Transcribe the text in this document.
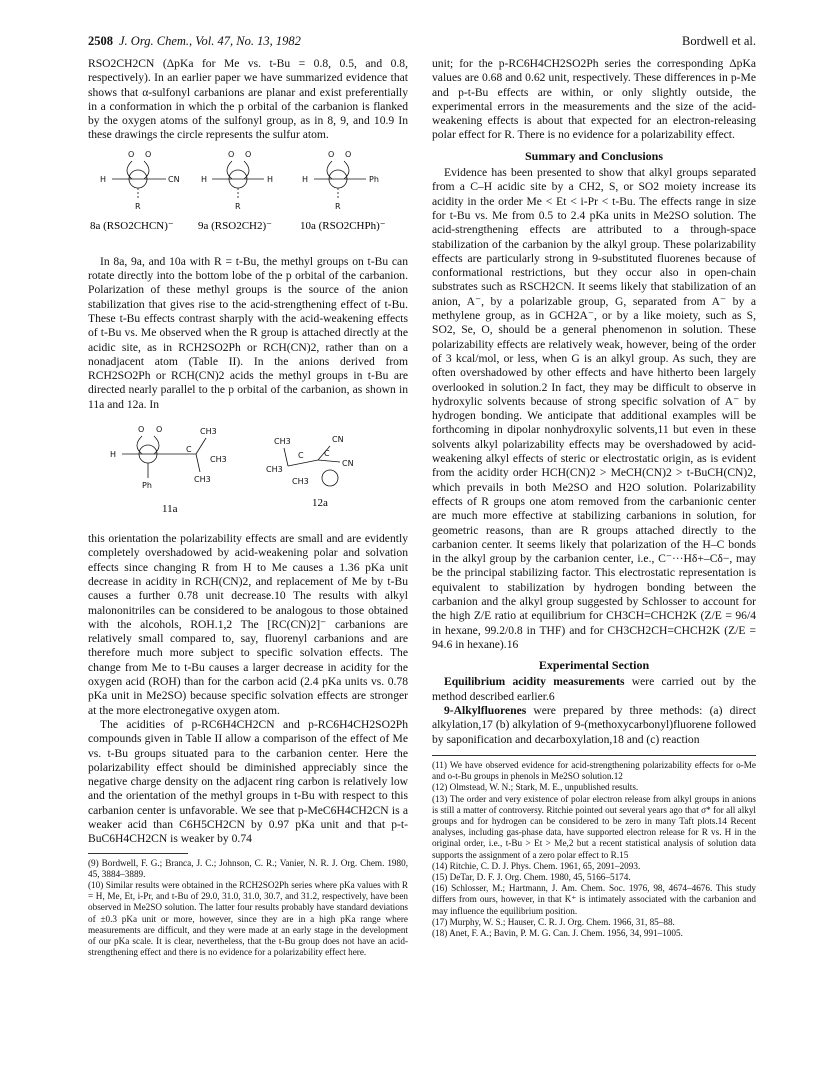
2508 J. Org. Chem., Vol. 47, No. 13, 1982	Bordwell et al.

RSO2CH2CN (ΔpKa for Me vs. t-Bu = 0.8, 0.5, and 0.8, respectively). In an earlier paper we have summarized evidence that shows that α-sulfonyl carbanions are planar and exist preferentially in a conformation in which the p orbital of the carbanion is flanked by the oxygen atoms of the sulfonyl group, as in 8, 9, and 10.9 In these drawings the circle represents the sulfur atom.

O O
H	CN
R
O O
H	H
R
O O
H	Ph
R
8a (RSO2CHCN)⁻ 9a (RSO2CH2)⁻	10a (RSO2CHPh)⁻

In 8a, 9a, and 10a with R = t-Bu, the methyl groups on t-Bu can rotate directly into the bottom lobe of the p orbital of the carbanion. Polarization of these methyl groups is the source of the anion stabilization that gives rise to the acid-strengthening effect of t-Bu. These t-Bu effects contrast sharply with the acid-weakening effects of t-Bu vs. Me observed when the R group is attached directly at the acidic site, as in RCH2SO2Ph or RCH(CN)2, rather than on a nonadjacent atom (Table II). In the anions derived from RCH2SO2Ph or RCH(CN)2 acids the methyl groups in t-Bu are directed nearly parallel to the p orbital of the carbanion, as shown in 11a and 12a. In

O O
H
Ph
C
CH3
CH3
CH3
11a
CH3
CH3
CH3
C	C
CN
CN
12a

this orientation the polarizability effects are small and are evidently completely overshadowed by acid-weakening polar and solvation effects since changing R from H to Me causes a 1.36 pKa unit decrease in acidity in RCH(CN)2, and replacement of Me by t-Bu causes a further 0.78 unit decrease.10 The results with alkyl malononitriles can be considered to be analogous to those obtained with the alcohols, ROH.1,2 The [RC(CN)2]⁻ carbanions are relatively small compared to, say, fluorenyl carbanions and are therefore much more subject to specific solvation effects. The change from Me to t-Bu causes a larger decrease in acidity for the oxygen acid (ROH) than for the carbon acid (2.4 pKa units vs. 0.78 pKa unit in Me2SO) because specific solvation effects are stronger at the more electronegative oxygen atom.

The acidities of p-RC6H4CH2CN and p-RC6H4CH2SO2Ph compounds given in Table II allow a comparison of the effect of Me vs. t-Bu groups situated para to the carbanion center. Here the polarizability effect should be diminished appreciably since the negative charge density on the adjacent ring carbon is relatively low and the orientation of the methyl groups in t-Bu with respect to this carbanion center is unfavorable. We see that p-MeC6H4CH2CN is a weaker acid than C6H5CH2CN by 0.97 pKa unit and that p-t-BuC6H4CH2CN is weaker by 0.74

(9) Bordwell, F. G.; Branca, J. C.; Johnson, C. R.; Vanier, N. R. J. Org. Chem. 1980, 45, 3884–3889.

(10) Similar results were obtained in the RCH2SO2Ph series where pKa values with R = H, Me, Et, i-Pr, and t-Bu of 29.0, 31.0, 31.0, 30.7, and 31.2, respectively, have been observed in Me2SO solution. The latter four results probably have standard deviations of ±0.3 pKa unit or more, however, since they are in a high pKa range where measurements are difficult, and they were made at an early stage in the development of our pKa scale. It is clear, nevertheless, that the t-Bu group does not have an acid-strengthening effect and there is no evidence for a polarizability effect here.

unit; for the p-RC6H4CH2SO2Ph series the corresponding ΔpKa values are 0.68 and 0.62 unit, respectively. These differences in p-Me and p-t-Bu effects are within, or only slightly outside, the experimental errors in the measurements and the size of the acid-weakening effects is about that expected for an electron-releasing polar effect for R. There is no evidence for a polarizability effect.

Summary and Conclusions

Evidence has been presented to show that alkyl groups separated from a C–H acidic site by a CH2, S, or SO2 moiety increase its acidity in the order Me < Et < i-Pr < t-Bu. The effects range in size for t-Bu vs. Me from 0.5 to 2.4 pKa units in Me2SO solution. The acid-strengthening effects are attributed to a through-space stabilization of the carbanion by the alkyl group. These polarizability effects are particularly strong in 9-substituted fluorenes because of conformational restrictions, but they occur also in open-chain substrates such as RSCH2CN. It seems likely that stabilization of an anion, A⁻, by a polarizable group, G, separated from A⁻ by a methylene group, as in GCH2A⁻, or by a like moiety, such as S, SO2, Se, O, should be a general phenomenon in solution. These polarizability effects are relatively weak, however, being of the order of 3 kcal/mol, or less, when G is an alkyl group. As such, they are often overshadowed by other effects and have hitherto been largely overlooked in solution.2 In fact, they may be difficult to observe in hydroxylic solvents because of strong specific solvation of A⁻ by hydrogen bonding. We anticipate that additional examples will be forthcoming in dipolar nonhydroxylic solvents,11 but even in these solvents alkyl polarizability effects may be overshadowed by acid-weakening alkyl effects of steric or electrostatic origin, as is evident from the acidity order HCH(CN)2 > MeCH(CN)2 > t-BuCH(CN)2, which prevails in both Me2SO and H2O solution. Polarizability effects of R groups one atom removed from the carbanionic center are much more effective at stabilizing carbanions in solution, for geometric reasons, than are R groups attached directly to the carbanion center. It seems likely that polarization of the H–C bonds in the alkyl group by the carbanion center, i.e., C⁻···Hδ+–Cδ−, may be the principal stabilizing factor. This electrostatic representation is equivalent to stabilization by hydrogen bonding between the carbanion and the alkyl group suggested by Schlosser to account for the high Z/E ratio at equilibrium for CH3CH=CHCH2K (Z/E = 96/4 in hexane, 99.2/0.8 in THF) and for CH3CH2CH=CHCH2K (Z/E = 94.6 in hexane).16

Experimental Section

Equilibrium acidity measurements were carried out by the method described earlier.6

9-Alkylfluorenes were prepared by three methods: (a) direct alkylation,17 (b) alkylation of 9-(methoxycarbonyl)fluorene followed by saponification and decarboxylation,18 and (c) reaction

(11) We have observed evidence for acid-strengthening polarizability effects for o-Me and o-t-Bu groups in phenols in Me2SO solution.12

(12) Olmstead, W. N.; Stark, M. E., unpublished results.

(13) The order and very existence of polar electron release from alkyl groups in anions is still a matter of controversy. Ritchie pointed out several years ago that σ* for all alkyl groups and for hydrogen can be considered to be zero in many Taft plots.14 Recent analyses, including gas-phase data, have supported electron release for R vs. H in the original order, i.e., t-Bu > Et > Me,2 but a recent statistical analysis of solution data supports the assignment of a zero polar effect to R.15

(14) Ritchie, C. D. J. Phys. Chem. 1961, 65, 2091–2093.

(15) DeTar, D. F. J. Org. Chem. 1980, 45, 5166–5174.

(16) Schlosser, M.; Hartmann, J. Am. Chem. Soc. 1976, 98, 4674–4676. This study differs from ours, however, in that K⁺ is intimately associated with the carbanion and may influence the equilibrium position.

(17) Murphy, W. S.; Hauser, C. R. J. Org. Chem. 1966, 31, 85–88.

(18) Anet, F. A.; Bavin, P. M. G. Can. J. Chem. 1956, 34, 991–1005.
